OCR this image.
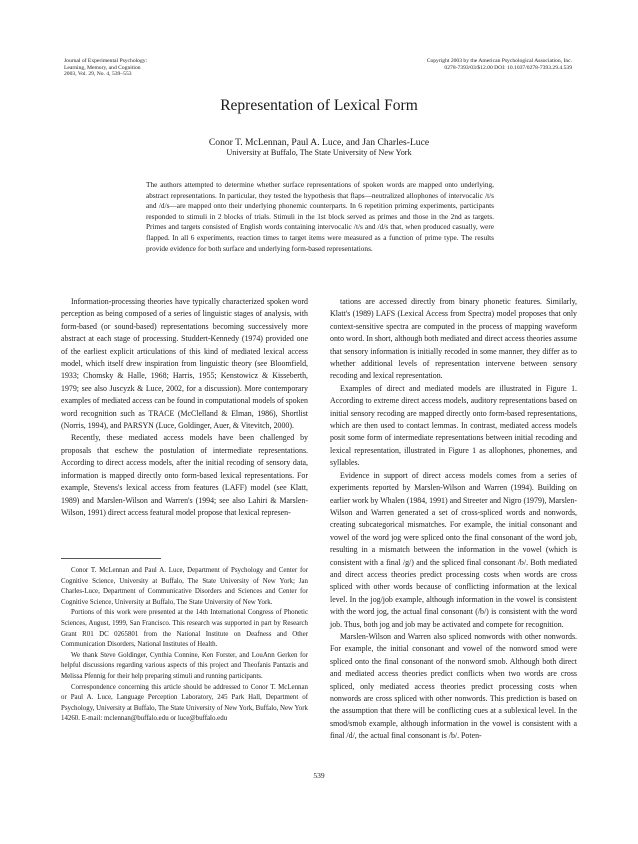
Journal of Experimental Psychology:
Learning, Memory, and Cognition
2003, Vol. 29, No. 4, 539–553
Copyright 2003 by the American Psychological Association, Inc.
0278-7393/03/$12.00 DOI: 10.1037/0278-7393.29.4.539
Representation of Lexical Form
Conor T. McLennan, Paul A. Luce, and Jan Charles-Luce
University at Buffalo, The State University of New York

The authors attempted to determine whether surface representations of spoken words are mapped onto underlying, abstract representations. In particular, they tested the hypothesis that flaps—neutralized allophones of intervocalic /t/s and /d/s—are mapped onto their underlying phonemic counterparts. In 6 repetition priming experiments, participants responded to stimuli in 2 blocks of trials. Stimuli in the 1st block served as primes and those in the 2nd as targets. Primes and targets consisted of English words containing intervocalic /t/s and /d/s that, when produced casually, were flapped. In all 6 experiments, reaction times to target items were measured as a function of prime type. The results provide evidence for both surface and underlying form-based representations.

Information-processing theories have typically characterized spoken word perception as being composed of a series of linguistic stages of analysis, with form-based (or sound-based) representations becoming successively more abstract at each stage of processing. Studdert-Kennedy (1974) provided one of the earliest explicit articulations of this kind of mediated lexical access model, which itself drew inspiration from linguistic theory (see Bloomfield, 1933; Chomsky & Halle, 1968; Harris, 1955; Kenstowicz & Kisseberth, 1979; see also Juscyzk & Luce, 2002, for a discussion). More contemporary examples of mediated access can be found in computational models of spoken word recognition such as TRACE (McClelland & Elman, 1986), Shortlist (Norris, 1994), and PARSYN (Luce, Goldinger, Auer, & Vitevitch, 2000).

Recently, these mediated access models have been challenged by proposals that eschew the postulation of intermediate representations. According to direct access models, after the initial recoding of sensory data, information is mapped directly onto form-based lexical representations. For example, Stevens's lexical access from features (LAFF) model (see Klatt, 1989) and Marslen-Wilson and Warren's (1994; see also Lahiri & Marslen-Wilson, 1991) direct access featural model propose that lexical represen-

tations are accessed directly from binary phonetic features. Similarly, Klatt's (1989) LAFS (Lexical Access from Spectra) model proposes that only context-sensitive spectra are computed in the process of mapping waveform onto word. In short, although both mediated and direct access theories assume that sensory information is initially recoded in some manner, they differ as to whether additional levels of representation intervene between sensory recoding and lexical representation.

Examples of direct and mediated models are illustrated in Figure 1. According to extreme direct access models, auditory representations based on initial sensory recoding are mapped directly onto form-based representations, which are then used to contact lemmas. In contrast, mediated access models posit some form of intermediate representations between initial recoding and lexical representation, illustrated in Figure 1 as allophones, phonemes, and syllables.

Evidence in support of direct access models comes from a series of experiments reported by Marslen-Wilson and Warren (1994). Building on earlier work by Whalen (1984, 1991) and Streeter and Nigro (1979), Marslen-Wilson and Warren generated a set of cross-spliced words and nonwords, creating subcategorical mismatches. For example, the initial consonant and vowel of the word jog were spliced onto the final consonant of the word job, resulting in a mismatch between the information in the vowel (which is consistent with a final /g/) and the spliced final consonant /b/. Both mediated and direct access theories predict processing costs when words are cross spliced with other words because of conflicting information at the lexical level. In the jog/job example, although information in the vowel is consistent with the word jog, the actual final consonant (/b/) is consistent with the word job. Thus, both jog and job may be activated and compete for recognition.

Marslen-Wilson and Warren also spliced nonwords with other nonwords. For example, the initial consonant and vowel of the nonword smod were spliced onto the final consonant of the nonword smob. Although both direct and mediated access theories predict conflicts when two words are cross spliced, only mediated access theories predict processing costs when nonwords are cross spliced with other nonwords. This prediction is based on the assumption that there will be conflicting cues at a sublexical level. In the smod/smob example, although information in the vowel is consistent with a final /d/, the actual final consonant is /b/. Poten-

Conor T. McLennan and Paul A. Luce, Department of Psychology and Center for Cognitive Science, University at Buffalo, The State University of New York; Jan Charles-Luce, Department of Communicative Disorders and Sciences and Center for Cognitive Science, University at Buffalo, The State University of New York.

Portions of this work were presented at the 14th International Congress of Phonetic Sciences, August, 1999, San Francisco. This research was supported in part by Research Grant R01 DC 0265801 from the National Institute on Deafness and Other Communication Disorders, National Institutes of Health.

We thank Steve Goldinger, Cynthia Connine, Ken Forster, and LouAnn Gerken for helpful discussions regarding various aspects of this project and Theofanis Pantazis and Melissa Pfennig for their help preparing stimuli and running participants.

Correspondence concerning this article should be addressed to Conor T. McLennan or Paul A. Luce, Language Perception Laboratory, 245 Park Hall, Department of Psychology, University at Buffalo, The State University of New York, Buffalo, New York 14260. E-mail: mclennan@buffalo.edu or luce@buffalo.edu

539
